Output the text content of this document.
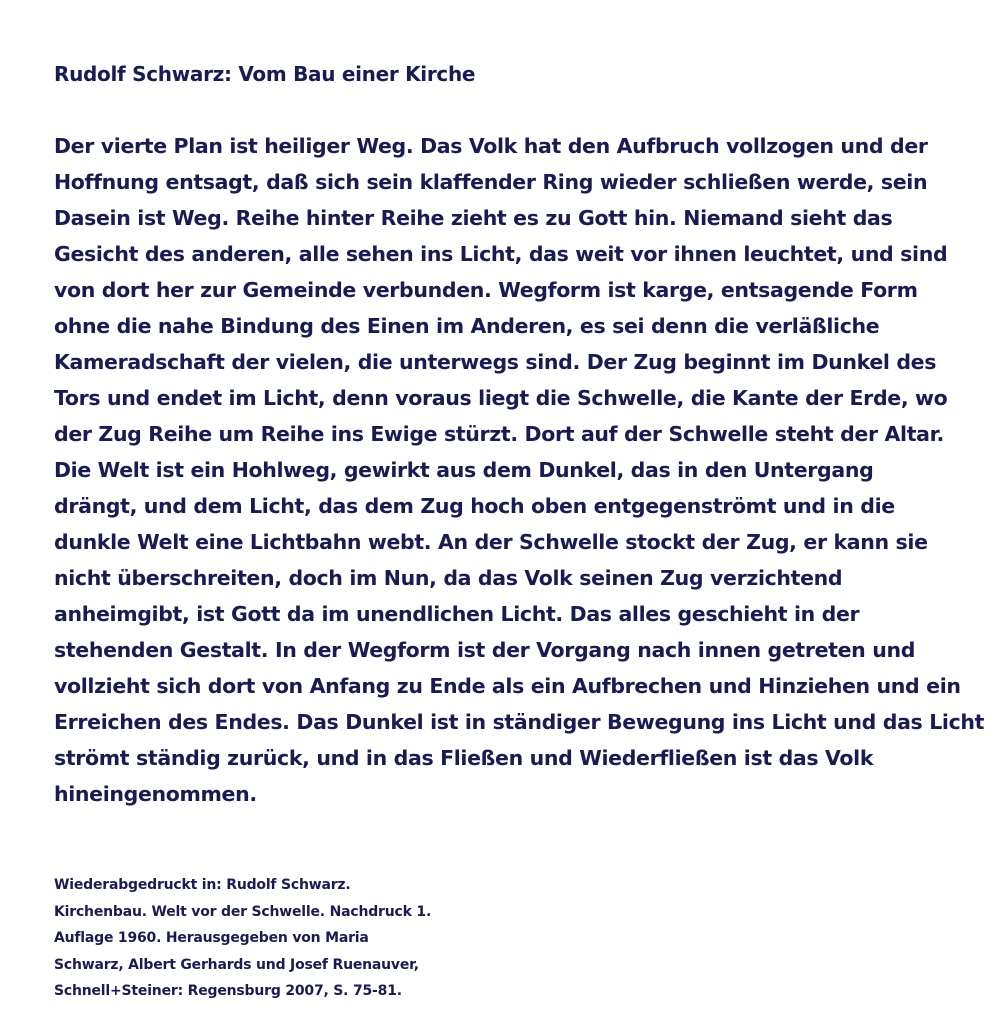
Rudolf Schwarz: Vom Bau einer Kirche
Der vierte Plan ist heiliger Weg. Das Volk hat den Aufbruch vollzogen und der
Hoffnung entsagt, daß sich sein klaffender Ring wieder schließen werde, sein
Dasein ist Weg. Reihe hinter Reihe zieht es zu Gott hin. Niemand sieht das
Gesicht des anderen, alle sehen ins Licht, das weit vor ihnen leuchtet, und sind
von dort her zur Gemeinde verbunden. Wegform ist karge, entsagende Form
ohne die nahe Bindung des Einen im Anderen, es sei denn die verläßliche
Kameradschaft der vielen, die unterwegs sind. Der Zug beginnt im Dunkel des
Tors und endet im Licht, denn voraus liegt die Schwelle, die Kante der Erde, wo
der Zug Reihe um Reihe ins Ewige stürzt. Dort auf der Schwelle steht der Altar.
Die Welt ist ein Hohlweg, gewirkt aus dem Dunkel, das in den Untergang
drängt, und dem Licht, das dem Zug hoch oben entgegenströmt und in die
dunkle Welt eine Lichtbahn webt. An der Schwelle stockt der Zug, er kann sie
nicht überschreiten, doch im Nun, da das Volk seinen Zug verzichtend
anheimgibt, ist Gott da im unendlichen Licht. Das alles geschieht in der
stehenden Gestalt. In der Wegform ist der Vorgang nach innen getreten und
vollzieht sich dort von Anfang zu Ende als ein Aufbrechen und Hinziehen und ein
Erreichen des Endes. Das Dunkel ist in ständiger Bewegung ins Licht und das Licht
strömt ständig zurück, und in das Fließen und Wiederfließen ist das Volk
hineingenommen.
Wiederabgedruckt in: Rudolf Schwarz.
Kirchenbau. Welt vor der Schwelle. Nachdruck 1.
Auflage 1960. Herausgegeben von Maria
Schwarz, Albert Gerhards und Josef Ruenauver,
Schnell+Steiner: Regensburg 2007, S. 75-81.
